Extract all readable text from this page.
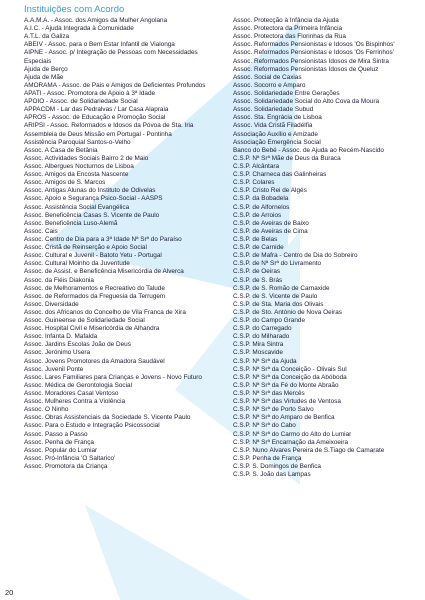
Instituições com Acordo
A.A.M.A. - Assoc. dos Amigos da Mulher Angolana
A.I.C. - Ajuda Integrada à Comunidade
A.T.L. da Galiza
ABEIV - Assoc. para o Bem Estar Infantil de Vialonga
AIPNE - Assoc. p/ Integração de Pessoas com Necessidades
Especiais
Ajuda de Berço
Ajuda de Mãe
AMORAMA - Assoc. de Pais e Amigos de Deficientes Profundos
APATI - Assoc. Promotora de Apoio à 3ª Idade
APOIO - Assoc. de Solidariedade Social
APPACDM - Lar das Pedralvas / Lar Casa Alapraia
APROS - Assoc. de Educação e Promoção Social
ARIPSI - Assoc. Reformados e Idosos da Póvoa de Sta. Iria
Assembleia de Deus Missão em Portugal - Pontinha
Assistência Paroquial Santos-o-Velho
Assoc. A Casa de Betânia
Assoc. Actividades Sociais Bairro 2 de Maio
Assoc. Albergues Nocturnos de Lisboa
Assoc. Amigos da Encosta Nascente
Assoc. Amigos de S. Marcos
Assoc. Antigas Alunas do Instituto de Odivelas
Assoc. Apoio e Segurança Psico-Social - AASPS
Assoc. Assistência Social Evangélica
Assoc. Beneficência Casas S. Vicente de Paulo
Assoc. Beneficência Luso-Alemã
Assoc. Cais
Assoc. Centro de Dia para a 3ª Idade Nª Srª do Paraíso
Assoc. Cristã de Reinserção e Apoio Social
Assoc. Cultural e Juvenil - Batoto Yetu - Portugal
Assoc. Cultural Moinho da Juventude
Assoc. de Assist. e Beneficência Misericórdia de Alverca
Assoc. da Fiéis Diakonia
Assoc. de Melhoramentos e Recreativo do Talude
Assoc. de Reformados da Freguesia da Terrugem
Assoc. Diversidade
Assoc. dos Africanos do Concelho de Vila Franca de Xira
Assoc. Guineense de Solidariedade Social
Assoc. Hospital Civil e Misericórdia de Alhandra
Assoc. Infanta D. Mafalda
Assoc. Jardins Escolas João de Deus
Assoc. Jerónimo Usera
Assoc. Jovens Promotores da Amadora Saudável
Assoc. Juvenil Ponte
Assoc. Lares Familiares para Crianças e Jovens - Novo Futuro
Assoc. Médica de Gerontologia Social
Assoc. Moradores Casal Ventoso
Assoc. Mulheres Contra a Violência
Assoc. O Ninho
Assoc. Obras Assistenciais da Sociedade S. Vicente Paulo
Assoc. Para o Estudo e Integração Psicossocial
Assoc. Passo a Passo
Assoc. Penha de França
Assoc. Popular do Lumiar
Assoc. Pró-Infância 'O Saltarico'
Assoc. Promotora da Criança
Assoc. Protecção à Infância da Ajuda
Assoc. Protectora da Primeira Infância
Assoc. Protectora das Florinhas da Rua
Assoc. Reformados Pensionistas e Idosos 'Os Bispinhos'
Assoc. Reformados Pensionistas e Idosos 'Os Ferrinhos'
Assoc. Reformados Pensionistas Idosos de Mira Sintra
Assoc. Reformados Pensionistas Idosos de Queluz
Assoc. Social de Caxias
Assoc. Socorro e Amparo
Assoc. Solidariedade Entre Gerações
Assoc. Solidariedade Social do Alto Cova da Moura
Assoc. Solidariedade Subud
Assoc. Sta. Engrácia de Lisboa
Assoc. Vida Cristã Filadélfia
Associação Auxílio e Amizade
Associação Emergência Social
Banco do Bebé - Assoc. de Ajuda ao Recém-Nascido
C.S.P. Nª Srª Mãe de Deus da Buraca
C.S.P. Alcântara
C.S.P. Charneca das Galinheiras
C.S.P. Colares
C.S.P. Cristo Rei de Algés
C.S.P. da Bobadela
C.S.P. de Alfornelos
C.S.P. de Arroios
C.S.P. de Aveiras de Baixo
C.S.P. de Aveiras de Cima
C.S.P. de Belas
C.S.P. de Carnide
C.S.P. de Mafra - Centro de Dia do Sobreiro
C.S.P. de Nª Srª do Livramento
C.S.P. de Oeiras
C.S.P. de S. Brás
C.S.P. de S. Romão de Carnaxide
C.S.P. de S. Vicente de Paulo
C.S.P. de Sta. Maria dos Olivais
C.S.P. de Sto. António de Nova Oeiras
C.S.P. do Campo Grande
C.S.P. do Carregado
C.S.P. do Milharado
C.S.P. Mira Sintra
C.S.P. Moscavide
C.S.P. Nª Srª da Ajuda
C.S.P. Nª Srª da Conceição - Olivais Sul
C.S.P. Nª Srª da Conceição da Abóboda
C.S.P. Nª Srª da Fé do Monte Abraão
C.S.P. Nª Srª das Mercês
C.S.P. Nª Srª das Virtudes de Ventosa
C.S.P. Nª Srª de Porto Salvo
C.S.P. Nª Srª do Amparo de Benfica
C.S.P. Nª Srª do Cabo
C.S.P. Nª Srª do Carmo do Alto do Lumiar
C.S.P. Nª Srª Encarnação da Ameixoeira
C.S.P. Nuno Álvares Pereira de S.Tiago de Camarate
C.S.P. Penha de França
C.S.P. S. Domingos de Benfica
C.S.P. S. João das Lampas
20
